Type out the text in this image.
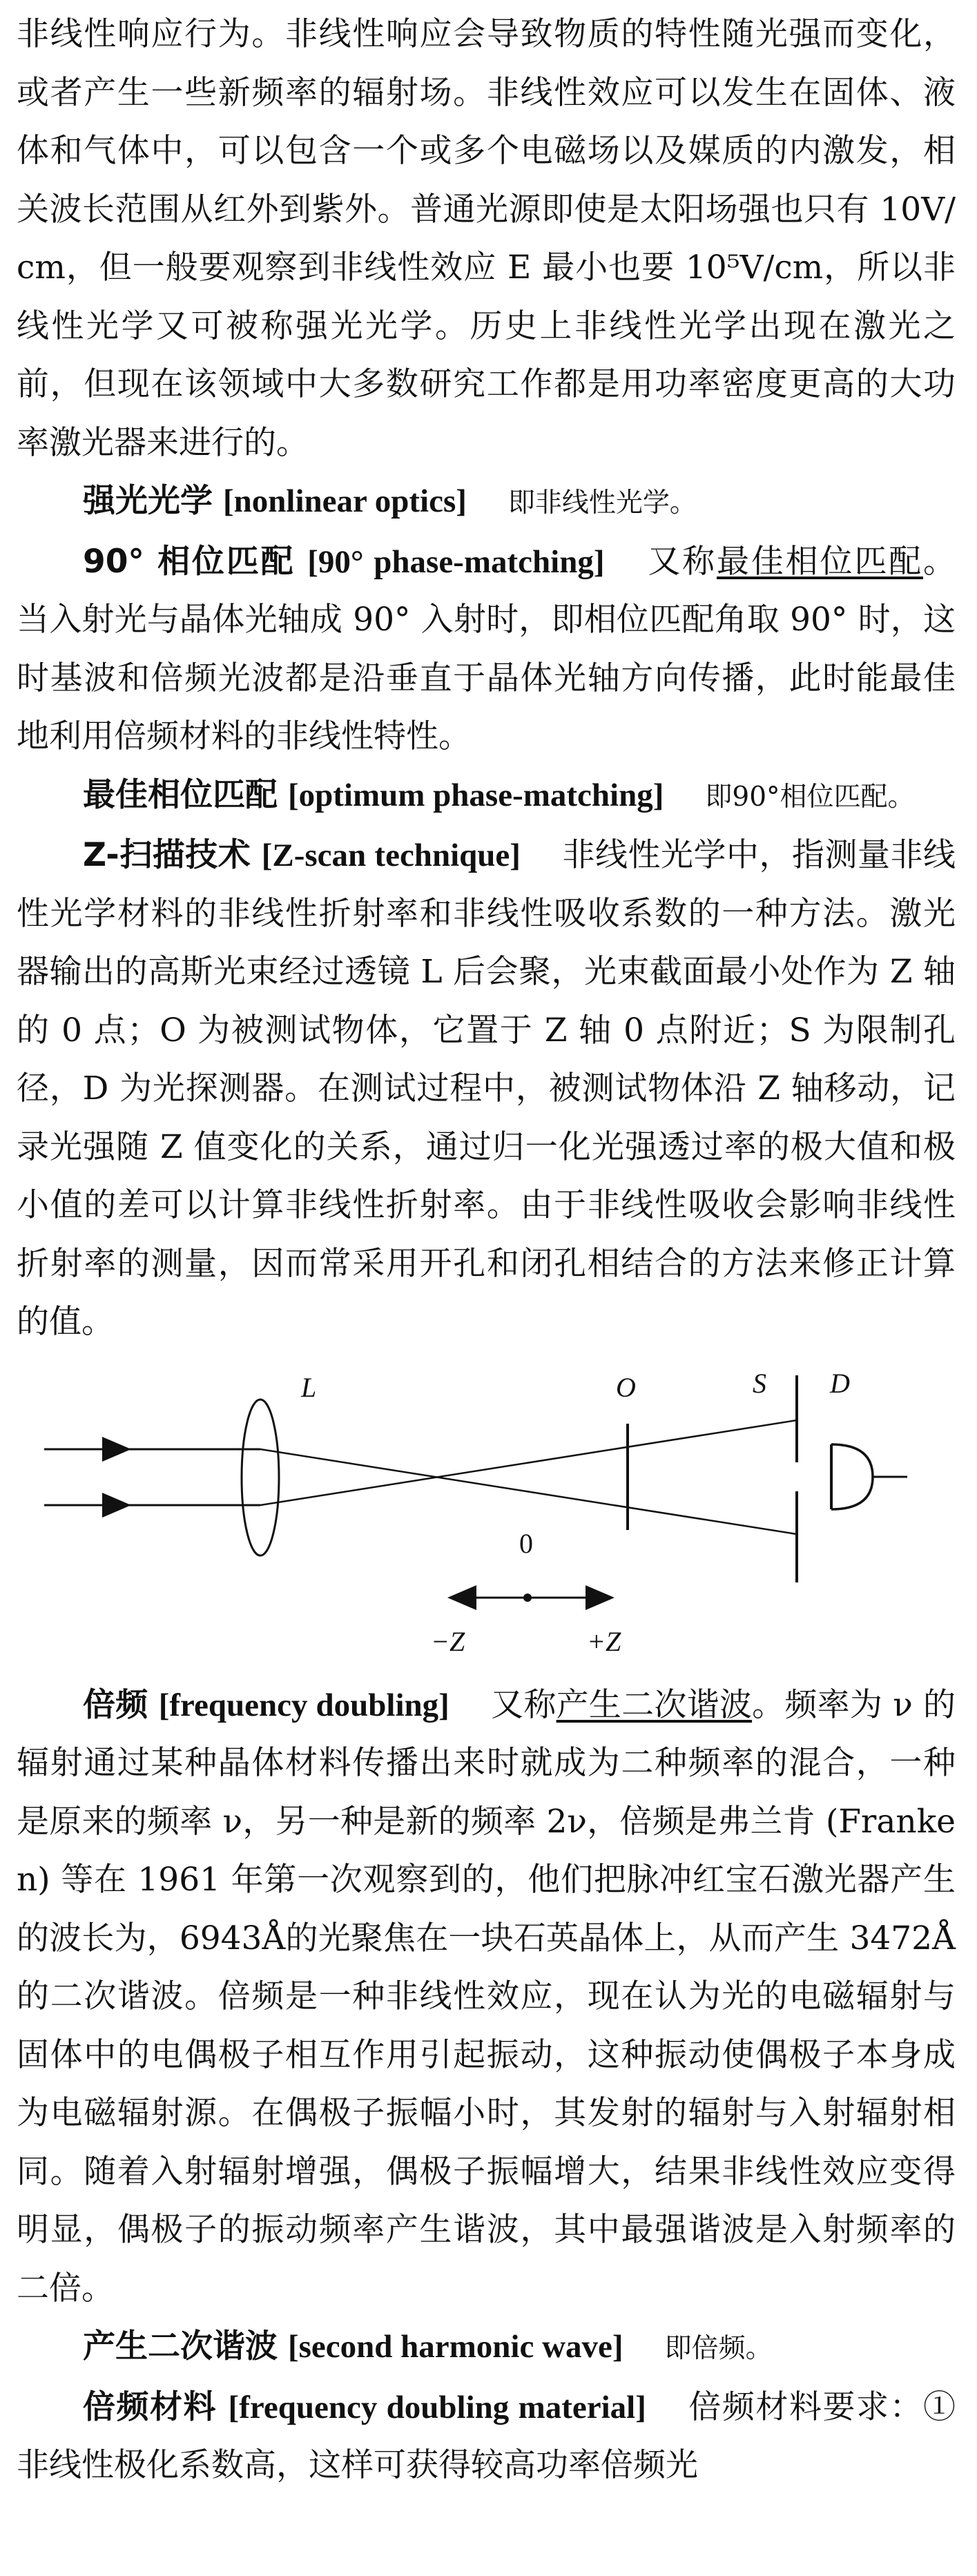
非线性响应行为。非线性响应会导致物质的特性随光强而变化，或者产生一些新频率的辐射场。非线性效应可以发生在固体、液体和气体中，可以包含一个或多个电磁场以及媒质的内激发，相关波长范围从红外到紫外。普通光源即使是太阳场强也只有 10V/cm，但一般要观察到非线性效应 E 最小也要 10⁵V/cm，所以非线性光学又可被称强光光学。历史上非线性光学出现在激光之前，但现在该领域中大多数研究工作都是用功率密度更高的大功率激光器来进行的。

强光光学 [nonlinear optics] 即非线性光学。

90° 相位匹配 [90° phase-matching] 又称最佳相位匹配。当入射光与晶体光轴成 90° 入射时，即相位匹配角取 90° 时，这时基波和倍频光波都是沿垂直于晶体光轴方向传播，此时能最佳地利用倍频材料的非线性特性。

最佳相位匹配 [optimum phase-matching] 即90°相位匹配。

Z-扫描技术 [Z-scan technique] 非线性光学中，指测量非线性光学材料的非线性折射率和非线性吸收系数的一种方法。激光器输出的高斯光束经过透镜 L 后会聚，光束截面最小处作为 Z 轴的 0 点；O 为被测试物体，它置于 Z 轴 0 点附近；S 为限制孔径，D 为光探测器。在测试过程中，被测试物体沿 Z 轴移动，记录光强随 Z 值变化的关系，通过归一化光强透过率的极大值和极小值的差可以计算非线性折射率。由于非线性吸收会影响非线性折射率的测量，因而常采用开孔和闭孔相结合的方法来修正计算的值。

L	O	S D
0
−Z	+Z

倍频 [frequency doubling] 又称产生二次谐波。频率为 ν 的辐射通过某种晶体材料传播出来时就成为二种频率的混合，一种是原来的频率 ν，另一种是新的频率 2ν，倍频是弗兰肯 (Franken) 等在 1961 年第一次观察到的，他们把脉冲红宝石激光器产生的波长为，6943Å的光聚焦在一块石英晶体上，从而产生 3472Å的二次谐波。倍频是一种非线性效应，现在认为光的电磁辐射与固体中的电偶极子相互作用引起振动，这种振动使偶极子本身成为电磁辐射源。在偶极子振幅小时，其发射的辐射与入射辐射相同。随着入射辐射增强，偶极子振幅增大，结果非线性效应变得明显，偶极子的振动频率产生谐波，其中最强谐波是入射频率的二倍。

产生二次谐波 [second harmonic wave] 即倍频。

倍频材料 [frequency doubling material] 倍频材料要求：①非线性极化系数高，这样可获得较高功率倍频光
